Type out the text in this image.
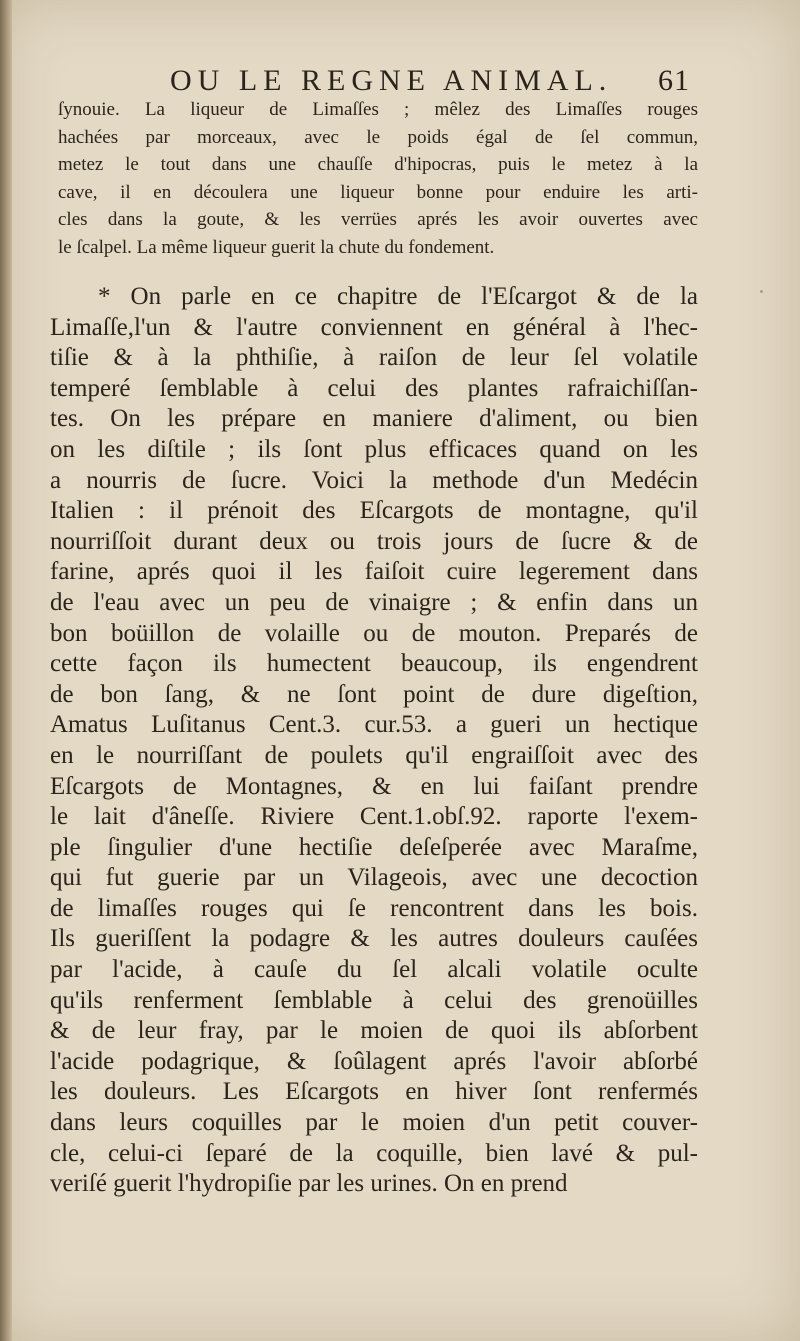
OU LE REGNE ANIMAL. 61
ſynouie. La liqueur de Limaſſes ; mêlez des Limaſſes rouges
hachées par morceaux, avec le poids égal de ſel commun,
metez le tout dans une chauſſe d'hipocras, puis le metez à la
cave, il en découlera une liqueur bonne pour enduire les arti-
cles dans la goute, & les verrües aprés les avoir ouvertes avec
le ſcalpel. La même liqueur guerit la chute du fondement.
* On parle en ce chapitre de l'Eſcargot & de la
Limaſſe,l'un & l'autre conviennent en général à l'hec-
tiſie & à la phthiſie, à raiſon de leur ſel volatile
temperé ſemblable à celui des plantes rafraichiſſan-
tes. On les prépare en maniere d'aliment, ou bien
on les diſtile ; ils ſont plus efficaces quand on les
a nourris de ſucre. Voici la methode d'un Medécin
Italien : il prénoit des Eſcargots de montagne, qu'il
nourriſſoit durant deux ou trois jours de ſucre & de
farine, aprés quoi il les faiſoit cuire legerement dans
de l'eau avec un peu de vinaigre ; & enfin dans un
bon boüillon de volaille ou de mouton. Preparés de
cette façon ils humectent beaucoup, ils engendrent
de bon ſang, & ne ſont point de dure digeſtion,
Amatus Luſitanus Cent.3. cur.53. a gueri un hectique
en le nourriſſant de poulets qu'il engraiſſoit avec des
Eſcargots de Montagnes, & en lui faiſant prendre
le lait d'âneſſe. Riviere Cent.1.obſ.92. raporte l'exem-
ple ſingulier d'une hectiſie deſeſperée avec Maraſme,
qui fut guerie par un Vilageois, avec une decoction
de limaſſes rouges qui ſe rencontrent dans les bois.
Ils gueriſſent la podagre & les autres douleurs cauſées
par l'acide, à cauſe du ſel alcali volatile oculte
qu'ils renferment ſemblable à celui des grenoüilles
& de leur fray, par le moien de quoi ils abſorbent
l'acide podagrique, & ſoûlagent aprés l'avoir abſorbé
les douleurs. Les Eſcargots en hiver ſont renfermés
dans leurs coquilles par le moien d'un petit couver-
cle, celui-ci ſeparé de la coquille, bien lavé & pul-
veriſé guerit l'hydropiſie par les urines. On en prend
